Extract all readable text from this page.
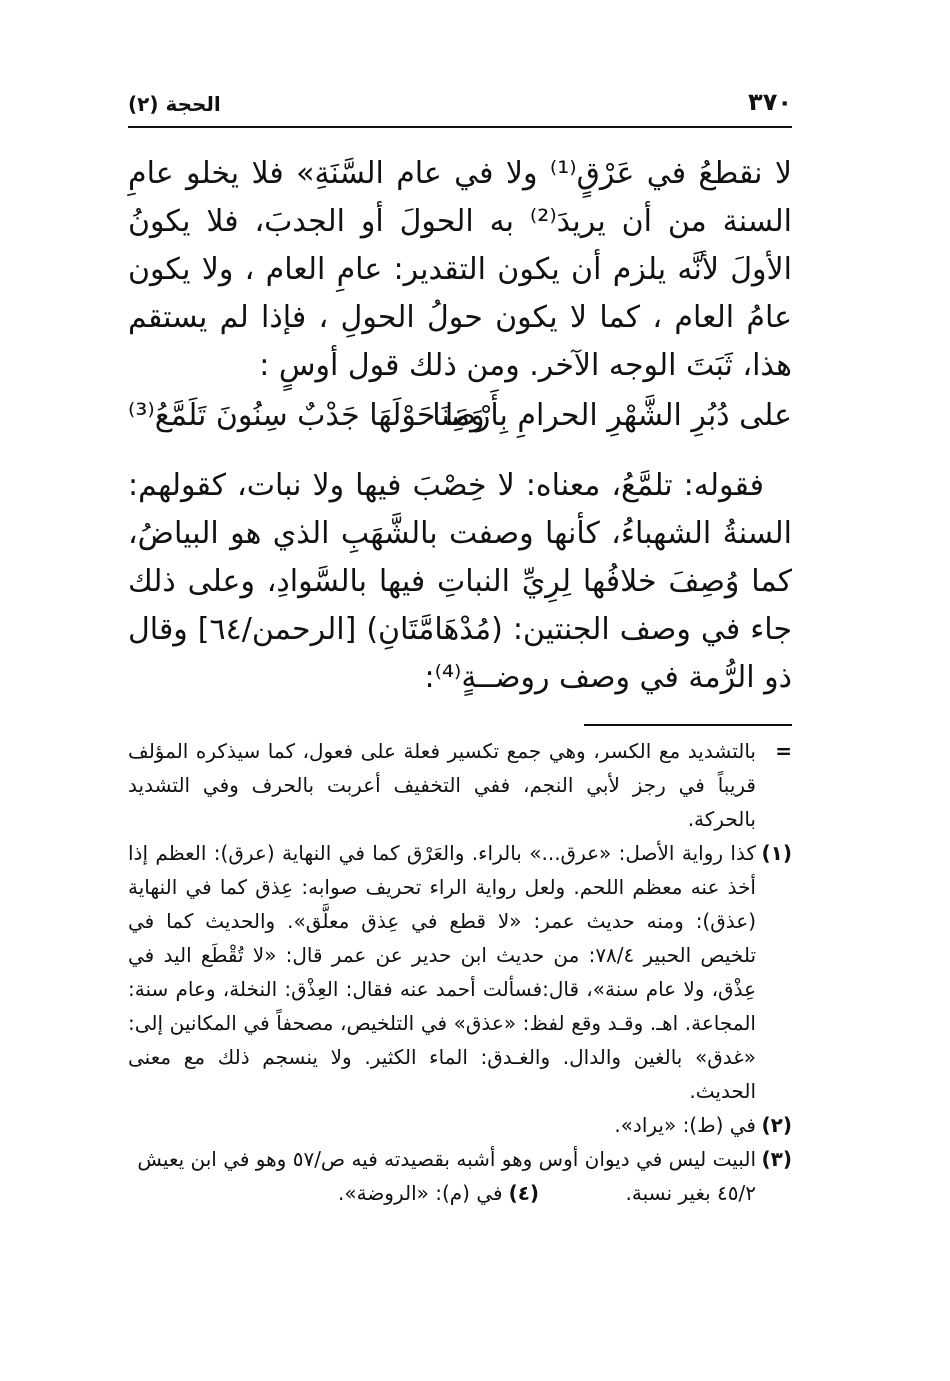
٣٧٠
الحجة (٢)

لا نقطعُ في عَرْقٍ⁽¹⁾ ولا في عام السَّنَةِ» فلا يخلو عامِ السنة من أن يريدَ⁽²⁾ به الحولَ أو الجدبَ، فلا يكونُ الأولَ لأنَّه يلزم أن يكون التقدير: عامِ العام ، ولا يكون عامُ العام ، كما لا يكون حولُ الحولِ ، فإذا لم يستقم هذا، ثَبَتَ الوجه الآخر. ومن ذلك قول أوسٍ :

على دُبُرِ الشَّهْرِ الحرامِ بِأَرْضِنَا
وَمَا حَوْلَهَا جَدْبٌ سِنُونَ تَلَمَّعُ⁽³⁾

فقوله: تلمَّعُ، معناه: لا خِصْبَ فيها ولا نبات، كقولهم: السنةُ الشهباءُ، كأنها وصفت بالشَّهَبِ الذي هو البياضُ، كما وُصِفَ خلافُها لِرِيِّ النباتِ فيها بالسَّوادِ، وعلى ذلك جاء في وصف الجنتين: (مُدْهَامَّتَانِ) [الرحمن/٦٤] وقال ذو الرُّمة في وصف روضــةٍ⁽⁴⁾:

=
بالتشديد مع الكسر، وهي جمع تكسير فعلة على فعول، كما سيذكره المؤلف قريباً في رجز لأبي النجم، ففي التخفيف أعربت بالحرف وفي التشديد بالحركة.

(١)
كذا رواية الأصل: «عرق...» بالراء. والعَرْق كما في النهاية (عرق): العظم إذا أخذ عنه معظم اللحم. ولعل رواية الراء تحريف صوابه: عِذق كما في النهاية (عذق): ومنه حديث عمر: «لا قطع في عِذق معلَّق». والحديث كما في تلخيص الحبير ٧٨/٤: من حديث ابن حدير عن عمر قال: «لا تُقْطَع اليد في عِذْق، ولا عام سنة»، قال:فسألت أحمد عنه فقال: العِذْق: النخلة، وعام سنة: المجاعة. اهـ. وقـد وقع لفظ: «عذق» في التلخيص، مصحفاً في المكانين إلى: «غدق» بالغين والدال. والغـدق: الماء الكثير. ولا ينسجم ذلك مع معنى الحديث.

(٢)
في (ط): «يراد».

(٣)
البيت ليس في ديوان أوس وهو أشبه بقصيدته فيه ص/٥٧ وهو في ابن يعيش ٤٥/٢ بغير نسبة.
(٤)في (م): «الروضة».
